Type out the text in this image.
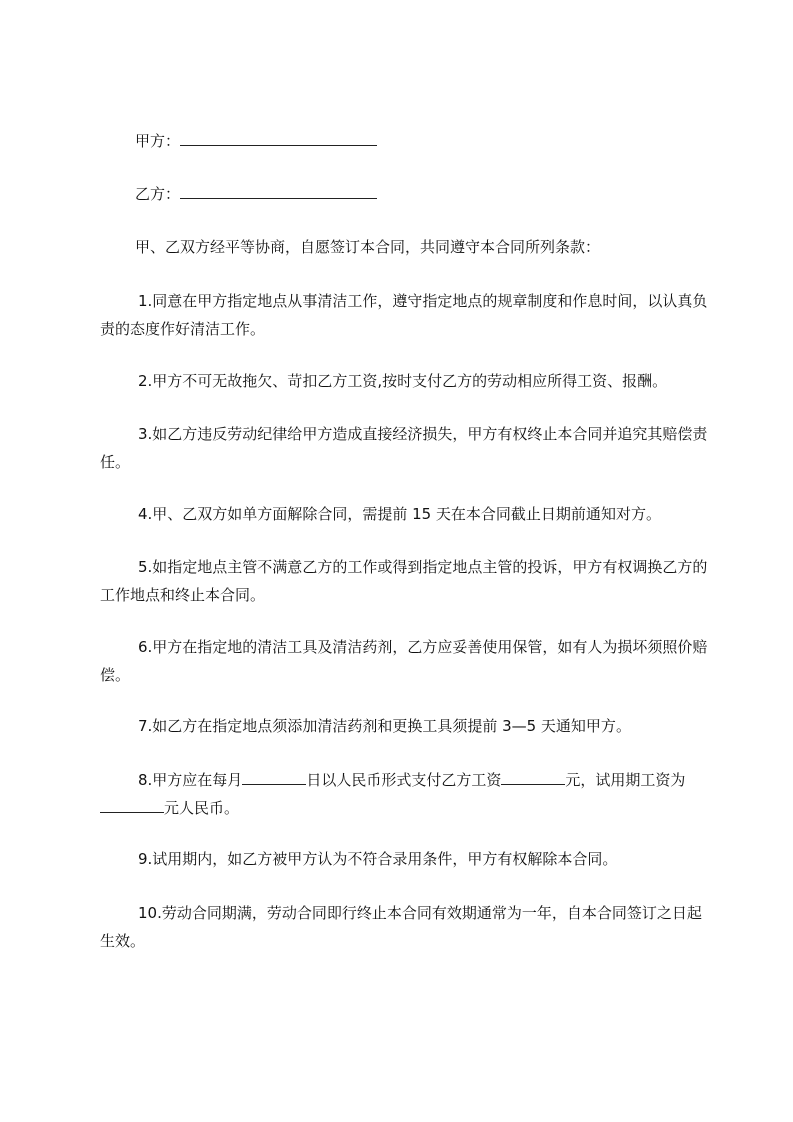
甲方：

乙方：

甲、乙双方经平等协商，自愿签订本合同，共同遵守本合同所列条款：

1.同意在甲方指定地点从事清洁工作，遵守指定地点的规章制度和作息时间，以认真负责的态度作好清洁工作。

2.甲方不可无故拖欠、苛扣乙方工资,按时支付乙方的劳动相应所得工资、报酬。

3.如乙方违反劳动纪律给甲方造成直接经济损失，甲方有权终止本合同并追究其赔偿责任。

4.甲、乙双方如单方面解除合同，需提前 15 天在本合同截止日期前通知对方。

5.如指定地点主管不满意乙方的工作或得到指定地点主管的投诉，甲方有权调换乙方的工作地点和终止本合同。

6.甲方在指定地的清洁工具及清洁药剂，乙方应妥善使用保管，如有人为损坏须照价赔偿。

7.如乙方在指定地点须添加清洁药剂和更换工具须提前 3—5 天通知甲方。

8.甲方应在每月	日以人民币形式支付乙方工资	元，试用期工资为元人民币。

9.试用期内，如乙方被甲方认为不符合录用条件，甲方有权解除本合同。

10.劳动合同期满，劳动合同即行终止本合同有效期通常为一年，自本合同签订之日起生效。
